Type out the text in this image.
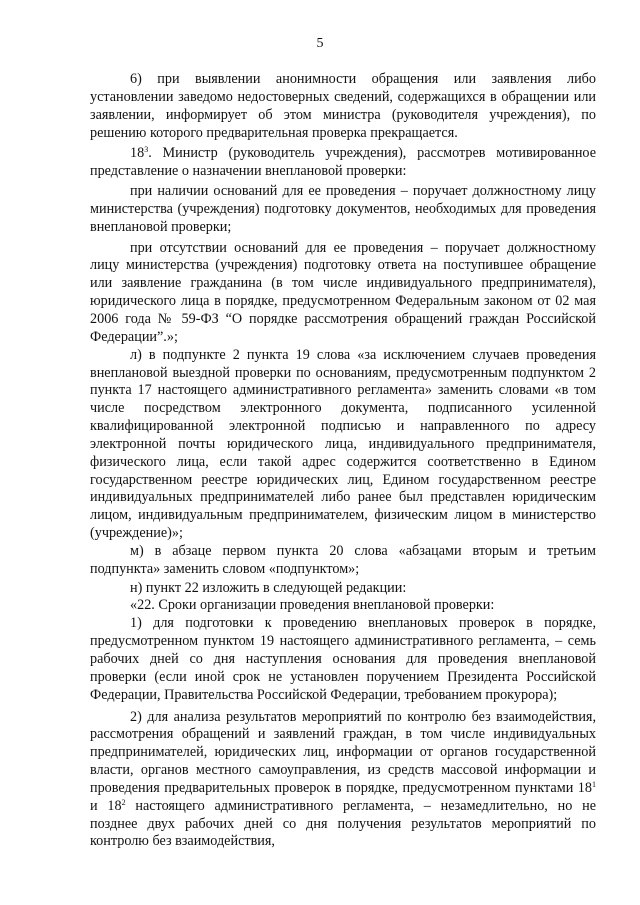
5

6) при выявлении анонимности обращения или заявления либо установлении заведомо недостоверных сведений, содержащихся в обращении или заявлении, информирует об этом министра (руководителя учреждения), по решению которого предварительная проверка прекращается.

$18^3$. Министр (руководитель учреждения), рассмотрев мотивированное представление о назначении внеплановой проверки:

при наличии оснований для ее проведения – поручает должностному лицу министерства (учреждения) подготовку документов, необходимых для проведения внеплановой проверки;

при отсутствии оснований для ее проведения – поручает должностному лицу министерства (учреждения) подготовку ответа на поступившее обращение или заявление гражданина (в том числе индивидуального предпринимателя), юридического лица в порядке, предусмотренном Федеральным законом от 02 мая 2006 года № 59-ФЗ “О порядке рассмотрения обращений граждан Российской Федерации”.»;

л) в подпункте 2 пункта 19 слова «за исключением случаев проведения внеплановой выездной проверки по основаниям, предусмотренным подпунктом 2 пункта 17 настоящего административного регламента» заменить словами «в том числе посредством электронного документа, подписанного усиленной квалифицированной электронной подписью и направленного по адресу электронной почты юридического лица, индивидуального предпринимателя, физического лица, если такой адрес содержится соответственно в Едином государственном реестре юридических лиц, Едином государственном реестре индивидуальных предпринимателей либо ранее был представлен юридическим лицом, индивидуальным предпринимателем, физическим лицом в министерство (учреждение)»;

м) в абзаце первом пункта 20 слова «абзацами вторым и третьим подпункта» заменить словом «подпунктом»;

н) пункт 22 изложить в следующей редакции:

«22. Сроки организации проведения внеплановой проверки:

1) для подготовки к проведению внеплановых проверок в порядке, предусмотренном пунктом 19 настоящего административного регламента, – семь рабочих дней со дня наступления основания для проведения внеплановой проверки (если иной срок не установлен поручением Президента Российской Федерации, Правительства Российской Федерации, требованием прокурора);

2) для анализа результатов мероприятий по контролю без взаимодействия, рассмотрения обращений и заявлений граждан, в том числе индивидуальных предпринимателей, юридических лиц, информации от органов государственной власти, органов местного самоуправления, из средств массовой информации и проведения предварительных проверок в порядке, предусмотренном пунктами $18^1$ и $18^2$ настоящего административного регламента, – незамедлительно, но не позднее двух рабочих дней со дня получения результатов мероприятий по контролю без взаимодействия,
